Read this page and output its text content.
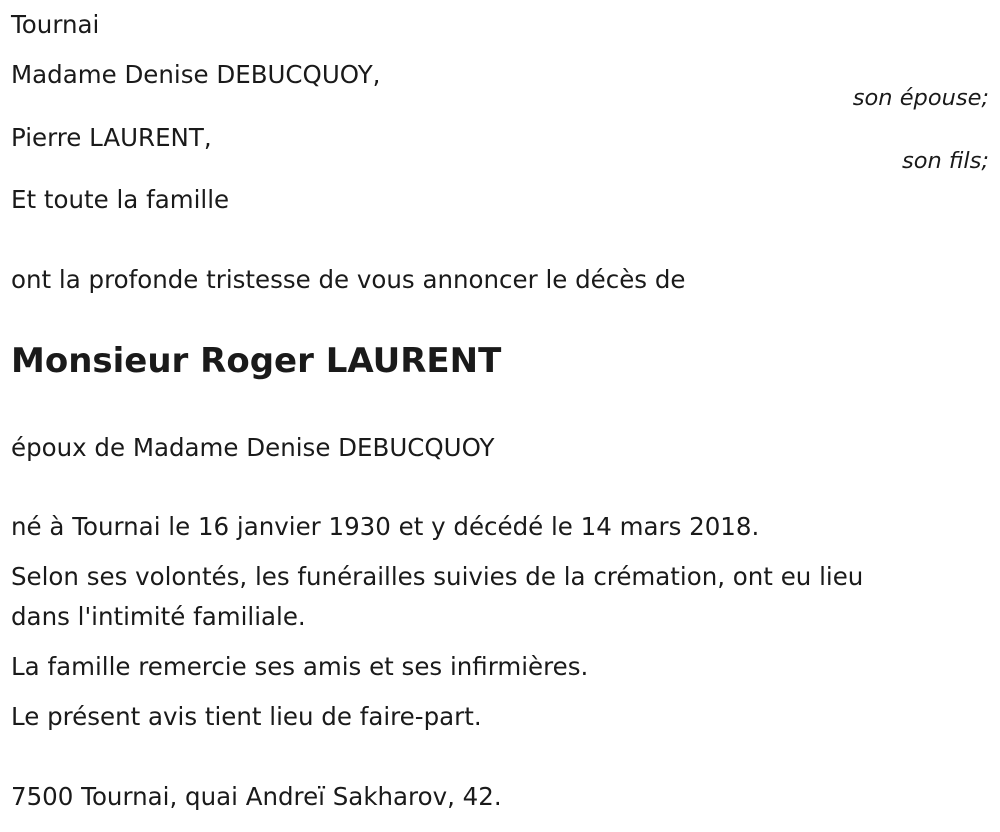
Tournai
Madame Denise DEBUCQUOY,
son épouse;
Pierre LAURENT,
son fils;
Et toute la famille
ont la profonde tristesse de vous annoncer le décès de
Monsieur Roger LAURENT
époux de Madame Denise DEBUCQUOY
né à Tournai le 16 janvier 1930 et y décédé le 14 mars 2018.
Selon ses volontés, les funérailles suivies de la crémation, ont eu lieu
dans l'intimité familiale.
La famille remercie ses amis et ses infirmières.
Le présent avis tient lieu de faire-part.
7500 Tournai, quai Andreï Sakharov, 42.
